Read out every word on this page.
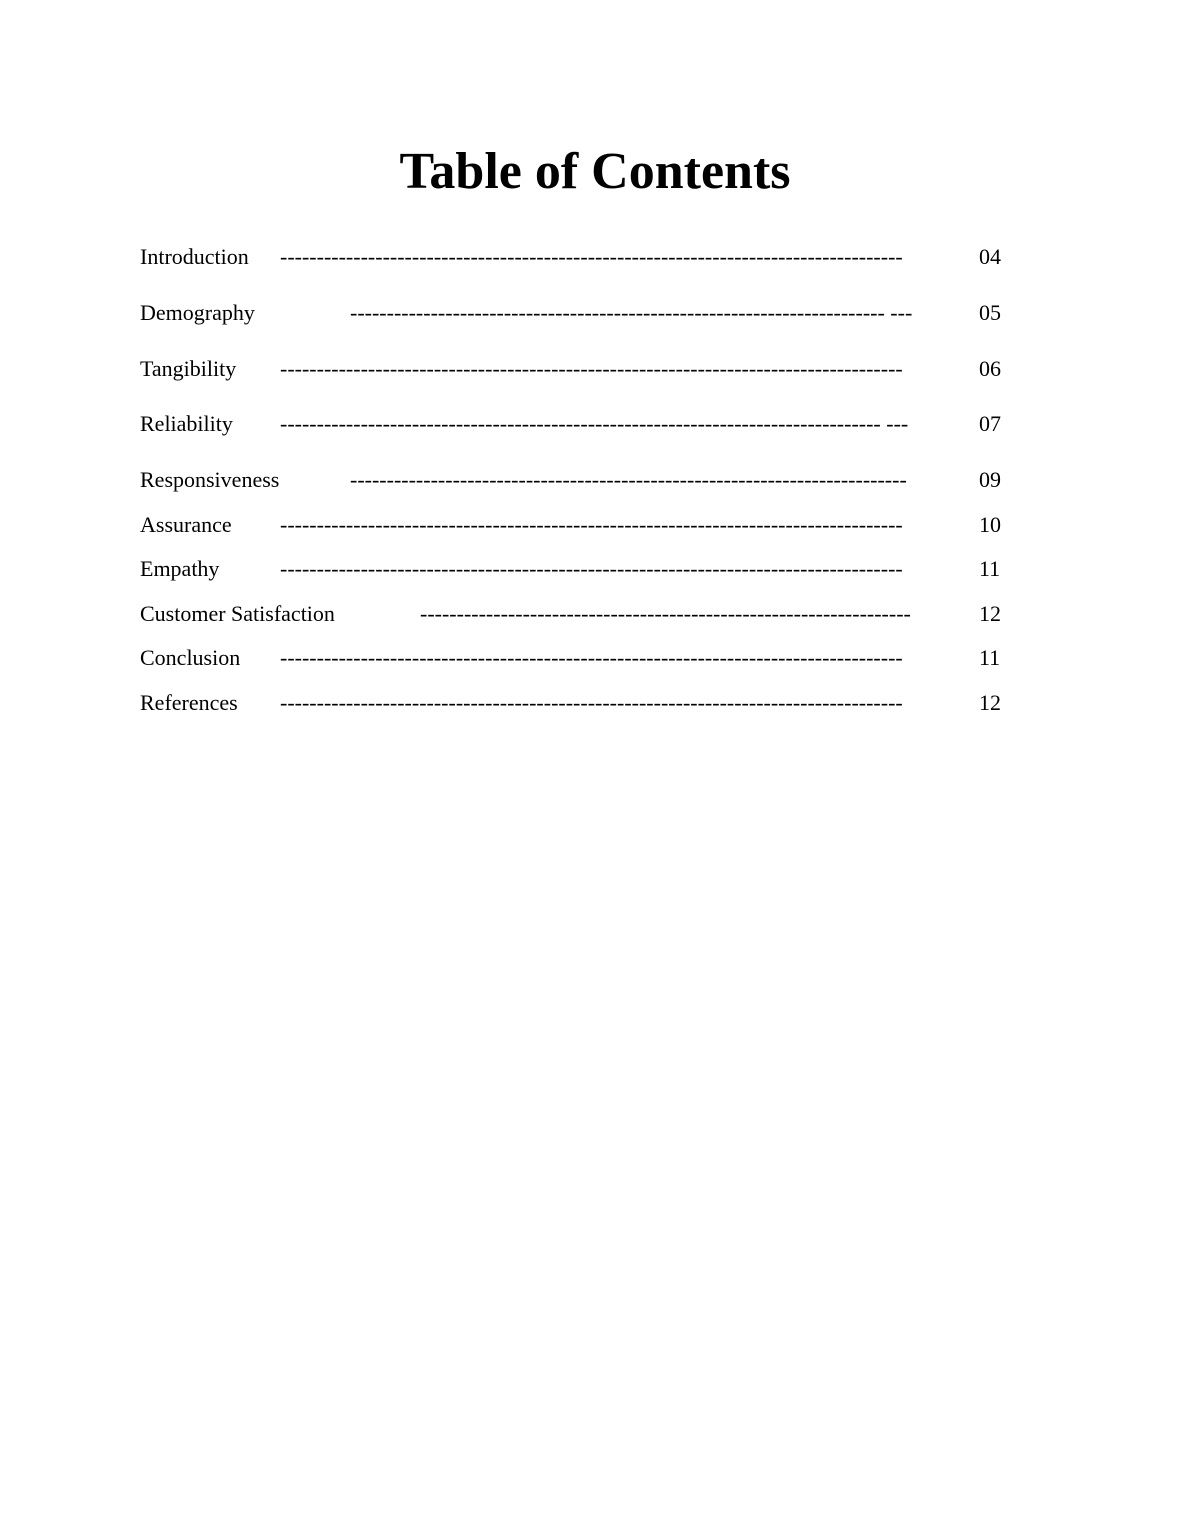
Table of Contents
Introduction -------------------------------------------------------------------------------------	04
Demography	------------------------------------------------------------------------- ---	05
Tangibility -------------------------------------------------------------------------------------	06
Reliability ---------------------------------------------------------------------------------- ---	07
Responsiveness	----------------------------------------------------------------------------	09
Assurance -------------------------------------------------------------------------------------	10
Empathy	-------------------------------------------------------------------------------------	11
Customer Satisfaction	-------------------------------------------------------------------	12
Conclusion -------------------------------------------------------------------------------------	11
References -------------------------------------------------------------------------------------	12
